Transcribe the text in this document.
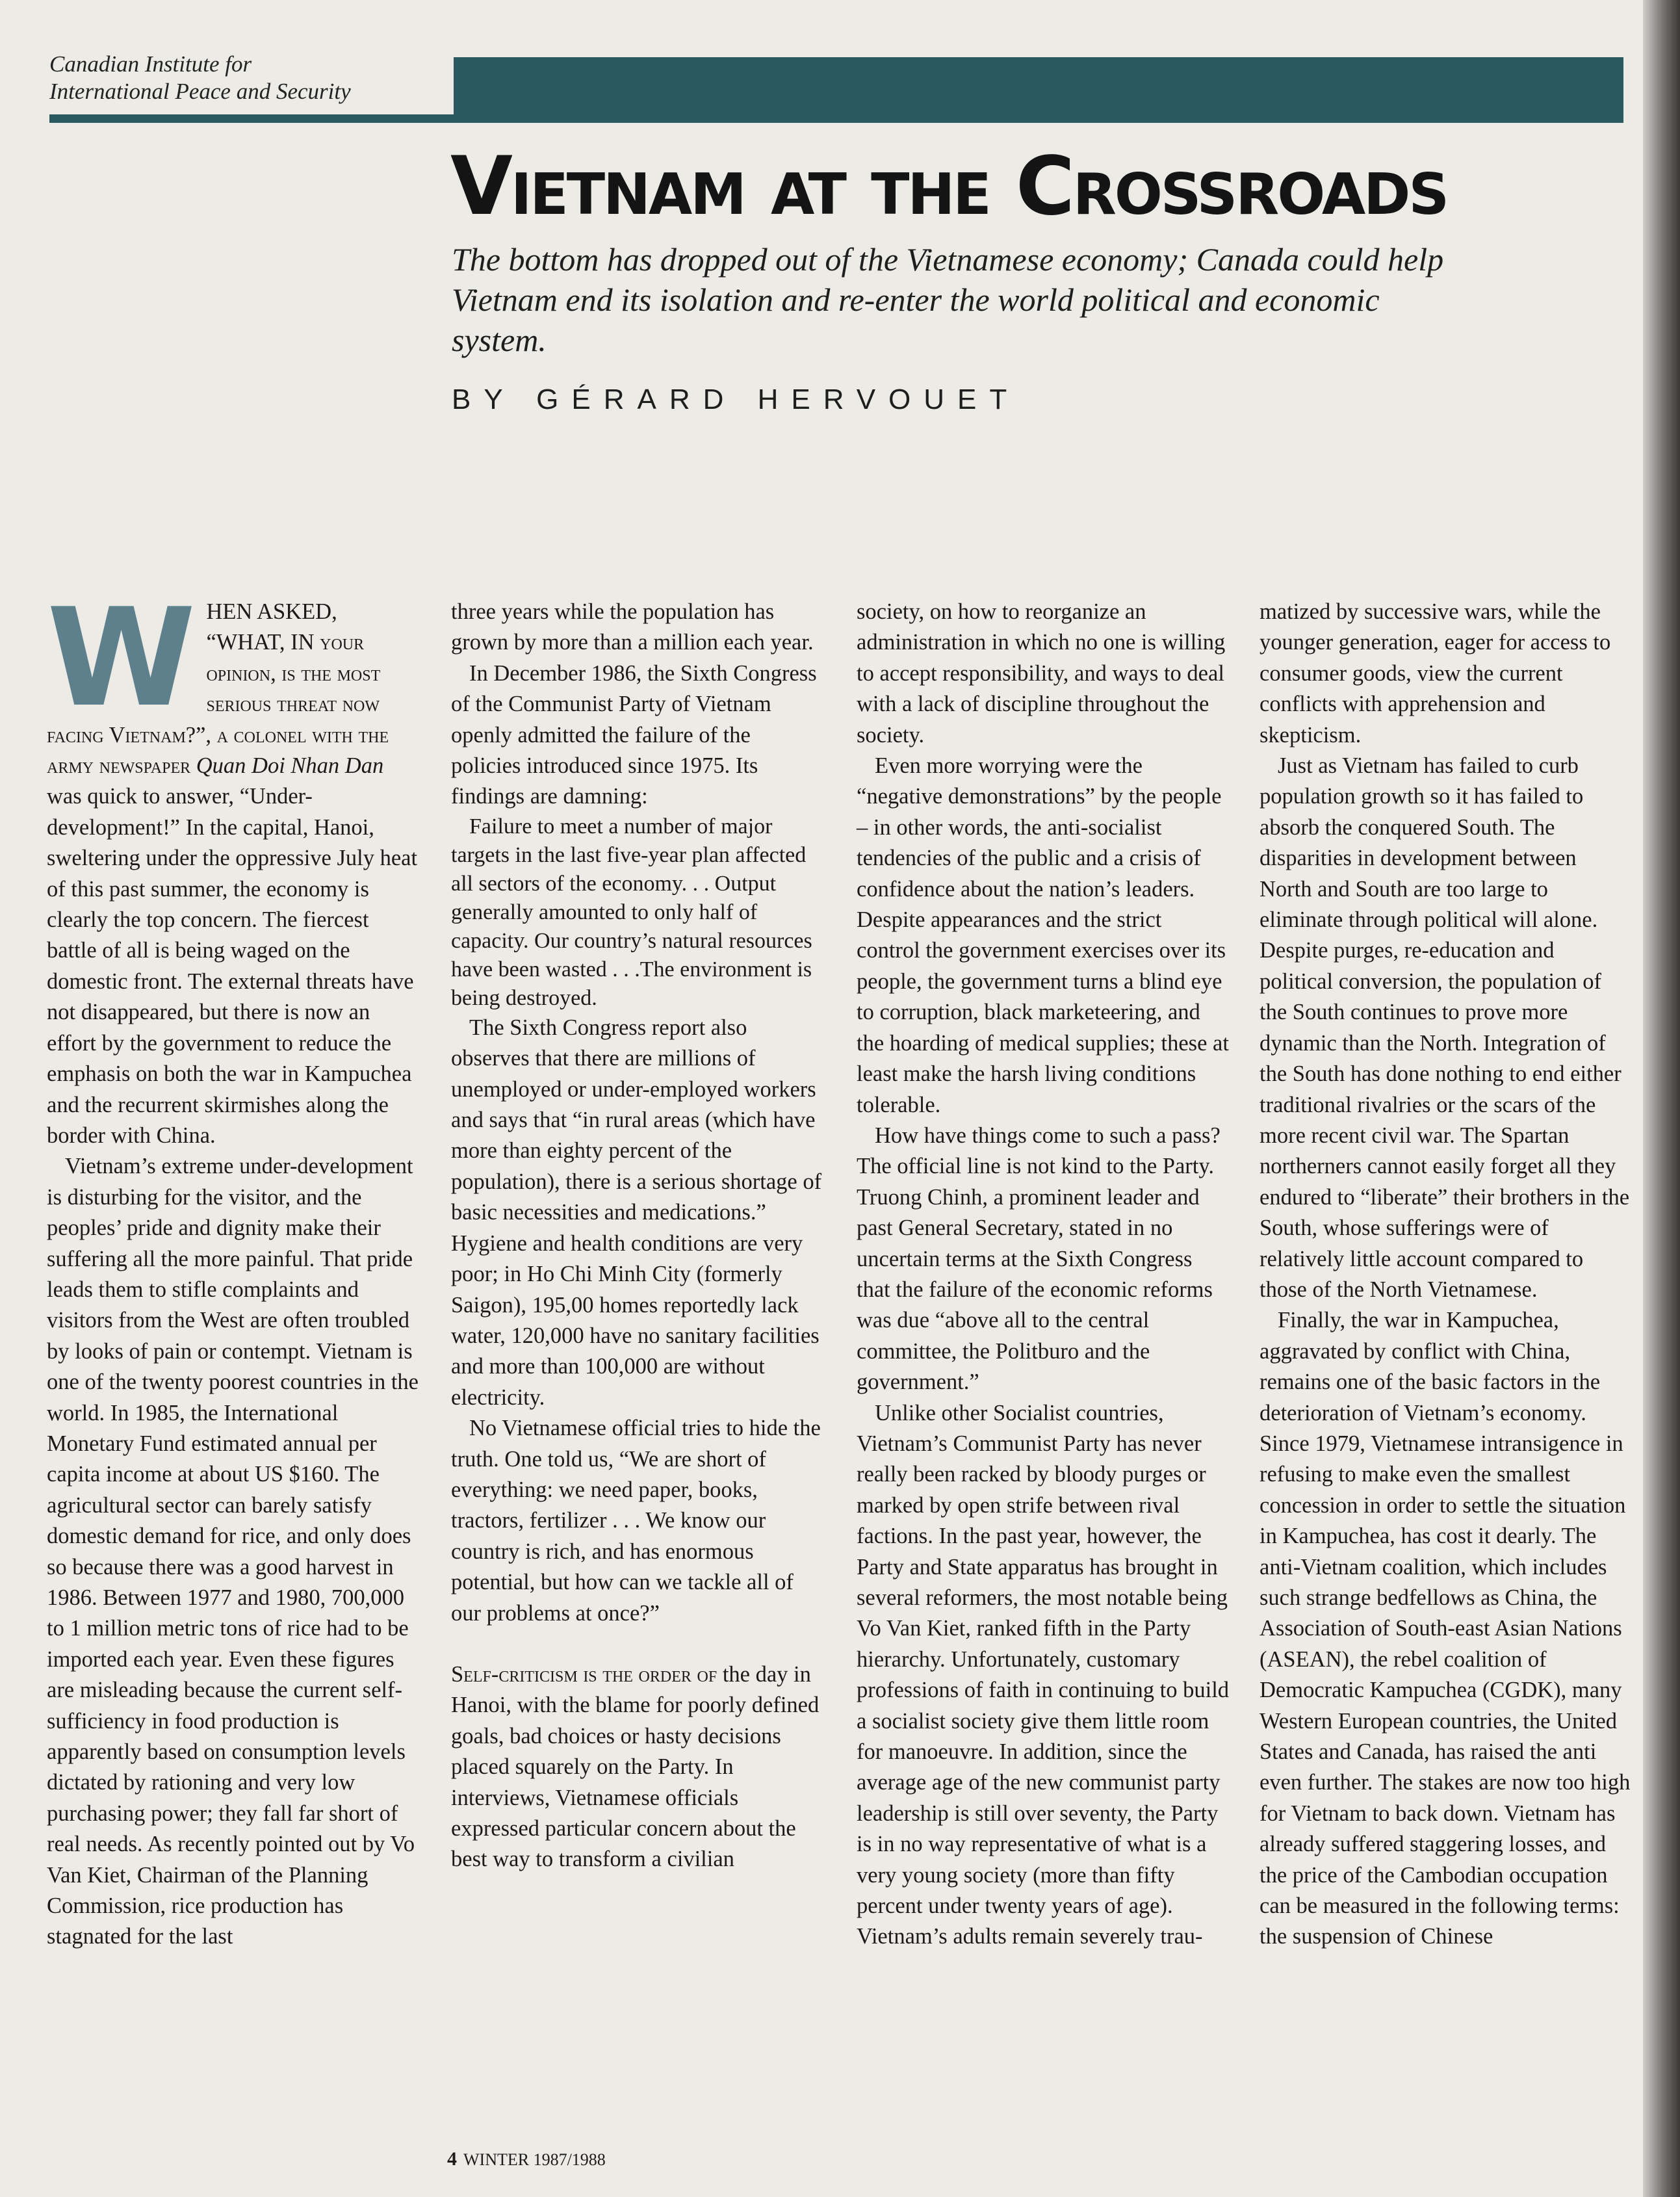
Canadian Institute for
International Peace and Security
Vietnam at the Crossroads
The bottom has dropped out of the Vietnamese economy; Canada could help Vietnam end its isolation and re-enter the world political and economic system.
BY GÉRARD HERVOUET

WHEN ASKED, “WHAT, IN your opinion, is the most serious threat now facing Vietnam?”, a colonel with the army newspaper Quan Doi Nhan Dan was quick to answer, “Under-development!” In the capital, Hanoi, sweltering under the oppressive July heat of this past summer, the economy is clearly the top concern. The fiercest battle of all is being waged on the domestic front. The external threats have not disappeared, but there is now an effort by the government to reduce the emphasis on both the war in Kampuchea and the recurrent skirmishes along the border with China.

Vietnam’s extreme under-development is disturbing for the visitor, and the peoples’ pride and dignity make their suffering all the more painful. That pride leads them to stifle complaints and visitors from the West are often troubled by looks of pain or contempt. Vietnam is one of the twenty poorest countries in the world. In 1985, the International Monetary Fund estimated annual per capita income at about US $160. The agricultural sector can barely satisfy domestic demand for rice, and only does so because there was a good harvest in 1986. Between 1977 and 1980, 700,000 to 1 million metric tons of rice had to be imported each year. Even these figures are misleading because the current self-sufficiency in food production is apparently based on consumption levels dictated by rationing and very low purchasing power; they fall far short of real needs. As recently pointed out by Vo Van Kiet, Chairman of the Planning Commission, rice production has stagnated for the last

three years while the population has grown by more than a million each year.

In December 1986, the Sixth Congress of the Communist Party of Vietnam openly admitted the failure of the policies introduced since 1975. Its findings are damning:

Failure to meet a number of major targets in the last five-year plan affected all sectors of the economy. . . Output generally amounted to only half of capacity. Our country’s natural resources have been wasted . . .The environment is being destroyed.

The Sixth Congress report also observes that there are millions of unemployed or under-employed workers and says that “in rural areas (which have more than eighty percent of the population), there is a serious shortage of basic necessities and medications.” Hygiene and health conditions are very poor; in Ho Chi Minh City (formerly Saigon), 195,00 homes reportedly lack water, 120,000 have no sanitary facilities and more than 100,000 are without electricity.

No Vietnamese official tries to hide the truth. One told us, “We are short of everything: we need paper, books, tractors, fertilizer . . . We know our country is rich, and has enormous potential, but how can we tackle all of our problems at once?”

Self-criticism is the order of the day in Hanoi, with the blame for poorly defined goals, bad choices or hasty decisions placed squarely on the Party. In interviews, Vietnamese officials expressed particular concern about the best way to transform a civilian

society, on how to reorganize an administration in which no one is willing to accept responsibility, and ways to deal with a lack of discipline throughout the society.

Even more worrying were the “negative demonstrations” by the people – in other words, the anti-socialist tendencies of the public and a crisis of confidence about the nation’s leaders. Despite appearances and the strict control the government exercises over its people, the government turns a blind eye to corruption, black marketeering, and the hoarding of medical supplies; these at least make the harsh living conditions tolerable.

How have things come to such a pass? The official line is not kind to the Party. Truong Chinh, a prominent leader and past General Secretary, stated in no uncertain terms at the Sixth Congress that the failure of the economic reforms was due “above all to the central committee, the Politburo and the government.”

Unlike other Socialist countries, Vietnam’s Communist Party has never really been racked by bloody purges or marked by open strife between rival factions. In the past year, however, the Party and State apparatus has brought in several reformers, the most notable being Vo Van Kiet, ranked fifth in the Party hierarchy. Unfortunately, customary professions of faith in continuing to build a socialist society give them little room for manoeuvre. In addition, since the average age of the new communist party leadership is still over seventy, the Party is in no way representative of what is a very young society (more than fifty percent under twenty years of age). Vietnam’s adults remain severely trau-

matized by successive wars, while the younger generation, eager for access to consumer goods, view the current conflicts with apprehension and skepticism.

Just as Vietnam has failed to curb population growth so it has failed to absorb the conquered South. The disparities in development between North and South are too large to eliminate through political will alone. Despite purges, re-education and political conversion, the population of the South continues to prove more dynamic than the North. Integration of the South has done nothing to end either traditional rivalries or the scars of the more recent civil war. The Spartan northerners cannot easily forget all they endured to “liberate” their brothers in the South, whose sufferings were of relatively little account compared to those of the North Vietnamese.

Finally, the war in Kampuchea, aggravated by conflict with China, remains one of the basic factors in the deterioration of Vietnam’s economy. Since 1979, Vietnamese intransigence in refusing to make even the smallest concession in order to settle the situation in Kampuchea, has cost it dearly. The anti-Vietnam coalition, which includes such strange bedfellows as China, the Association of South-east Asian Nations (ASEAN), the rebel coalition of Democratic Kampuchea (CGDK), many Western European countries, the United States and Canada, has raised the anti even further. The stakes are now too high for Vietnam to back down. Vietnam has already suffered staggering losses, and the price of the Cambodian occupation can be measured in the following terms: the suspension of Chinese

4 WINTER 1987/1988
